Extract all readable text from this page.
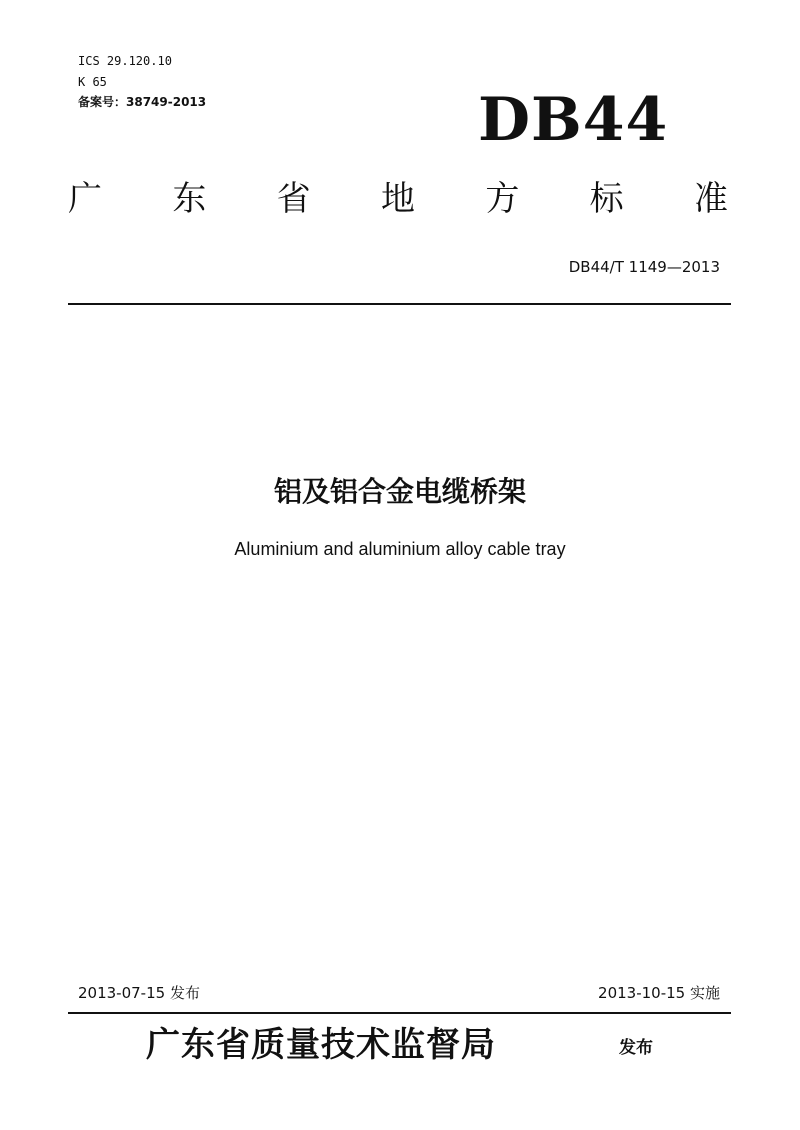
ICS 29.120.10
K 65
备案号：38749-2013	DB44
广 东 省 地 方 标 准
DB44/T 1149—2013
铝及铝合金电缆桥架
Aluminium and aluminium alloy cable tray
2013-07-15 发布	2013-10-15 实施
广东省质量技术监督局	发布
